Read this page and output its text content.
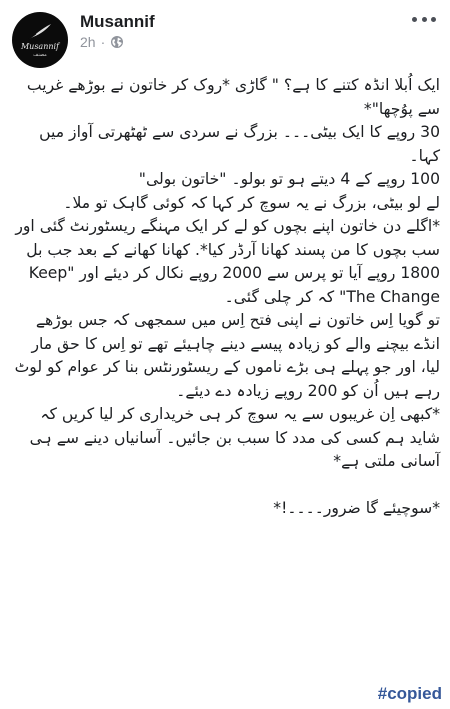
Musannif
مصنف
Musannif
2h ·

ایک اُبلا انڈہ کتنے کا ہے؟ " گاڑی *روک کر خاتون نے بوڑھے غریب سے پوُچھا"*

30 روپے کا ایک بیٹی۔۔۔ بزرگ نے سردی سے ٹھٹھرتی آواز میں کہا۔

100 روپے کے 4 دیتے ہو تو بولو۔ "خاتون بولی"

لے لو بیٹی، بزرگ نے یہ سوچ کر کہا کہ کوئی گاہک تو ملا۔

*اگلے دن خاتون اپنے بچوں کو لے کر ایک مہنگے ریسٹورنٹ گئی اور سب بچوں کا من پسند کھانا آرڈر کیا*. کھانا کھانے کے بعد جب بل 1800 روپے آیا تو پرس سے 2000 روپے نکال کر دیئے اور "Keep The Change" کہ کر چلی گئی۔

تو گویا اِس خاتون نے اپنی فتح اِس میں سمجھی کہ جس بوڑھے انڈے بیچنے والے کو زیادہ پیسے دینے چاہیئے تھے تو اِس کا حق مار لیا، اور جو پہلے ہی بڑے ناموں کے ریسٹورنٹس بنا کر عوام کو لوٹ رہے ہیں اُن کو 200 روپے زیادہ دے دیئے۔

*کبھی اِن غریبوں سے یہ سوچ کر ہی خریداری کر لیا کریں کہ شاید ہم کسی کی مدد کا سبب بن جائیں۔ آسانیاں دینے سے ہی آسانی ملتی ہے*

*سوچیئے گا ضرور۔۔۔۔!*

#copied
